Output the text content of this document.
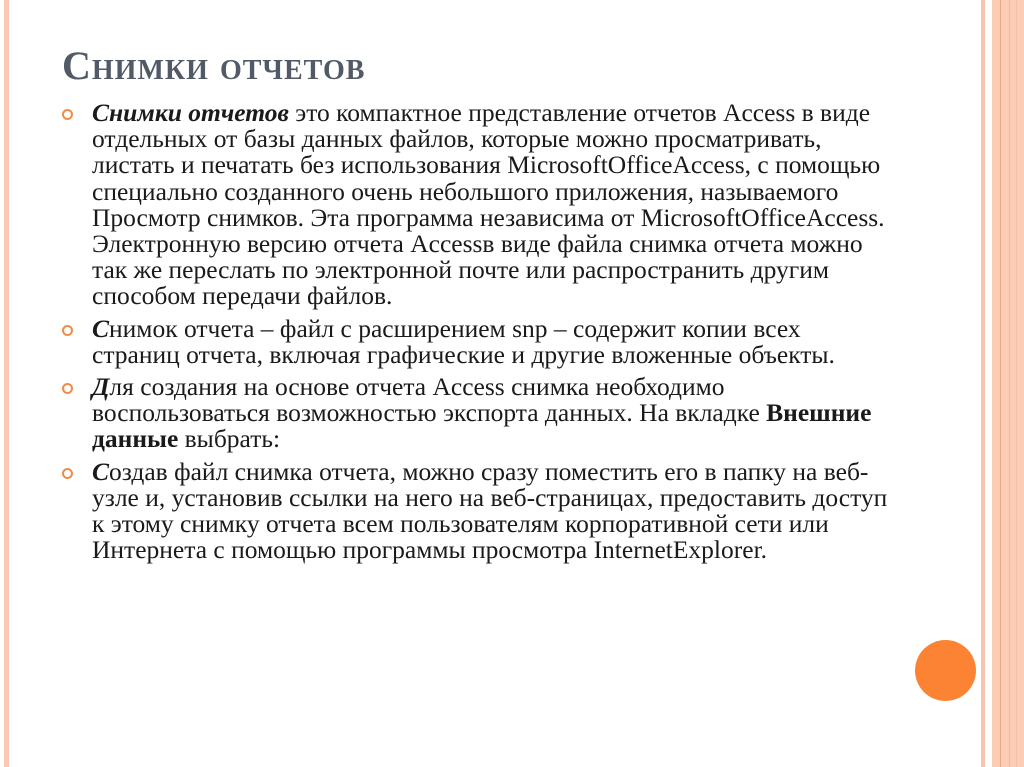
Снимки отчетов
Снимки отчетов это компактное представление отчетов Access в виде отдельных от базы данных файлов, которые можно просматривать, листать и печатать без использования MicrosoftOfficeAccess, с помощью специально созданного очень небольшого приложения, называемого Просмотр снимков. Эта программа независима от MicrosoftOfficeAccess. Электронную версию отчета Accessв виде файла снимка отчета можно так же переслать по электронной почте или распространить другим способом передачи файлов.
Снимок отчета – файл с расширением snp – содержит копии всех страниц отчета, включая графические и другие вложенные объекты.
Для создания на основе отчета Access снимка необходимо воспользоваться возможностью экспорта данных. На вкладке Внешние данные выбрать:
Создав файл снимка отчета, можно сразу поместить его в папку на веб-узле и, установив ссылки на него на веб-страницах, предоставить доступ к этому снимку отчета всем пользователям корпоративной сети или Интернета с помощью программы просмотра InternetExplorer.
